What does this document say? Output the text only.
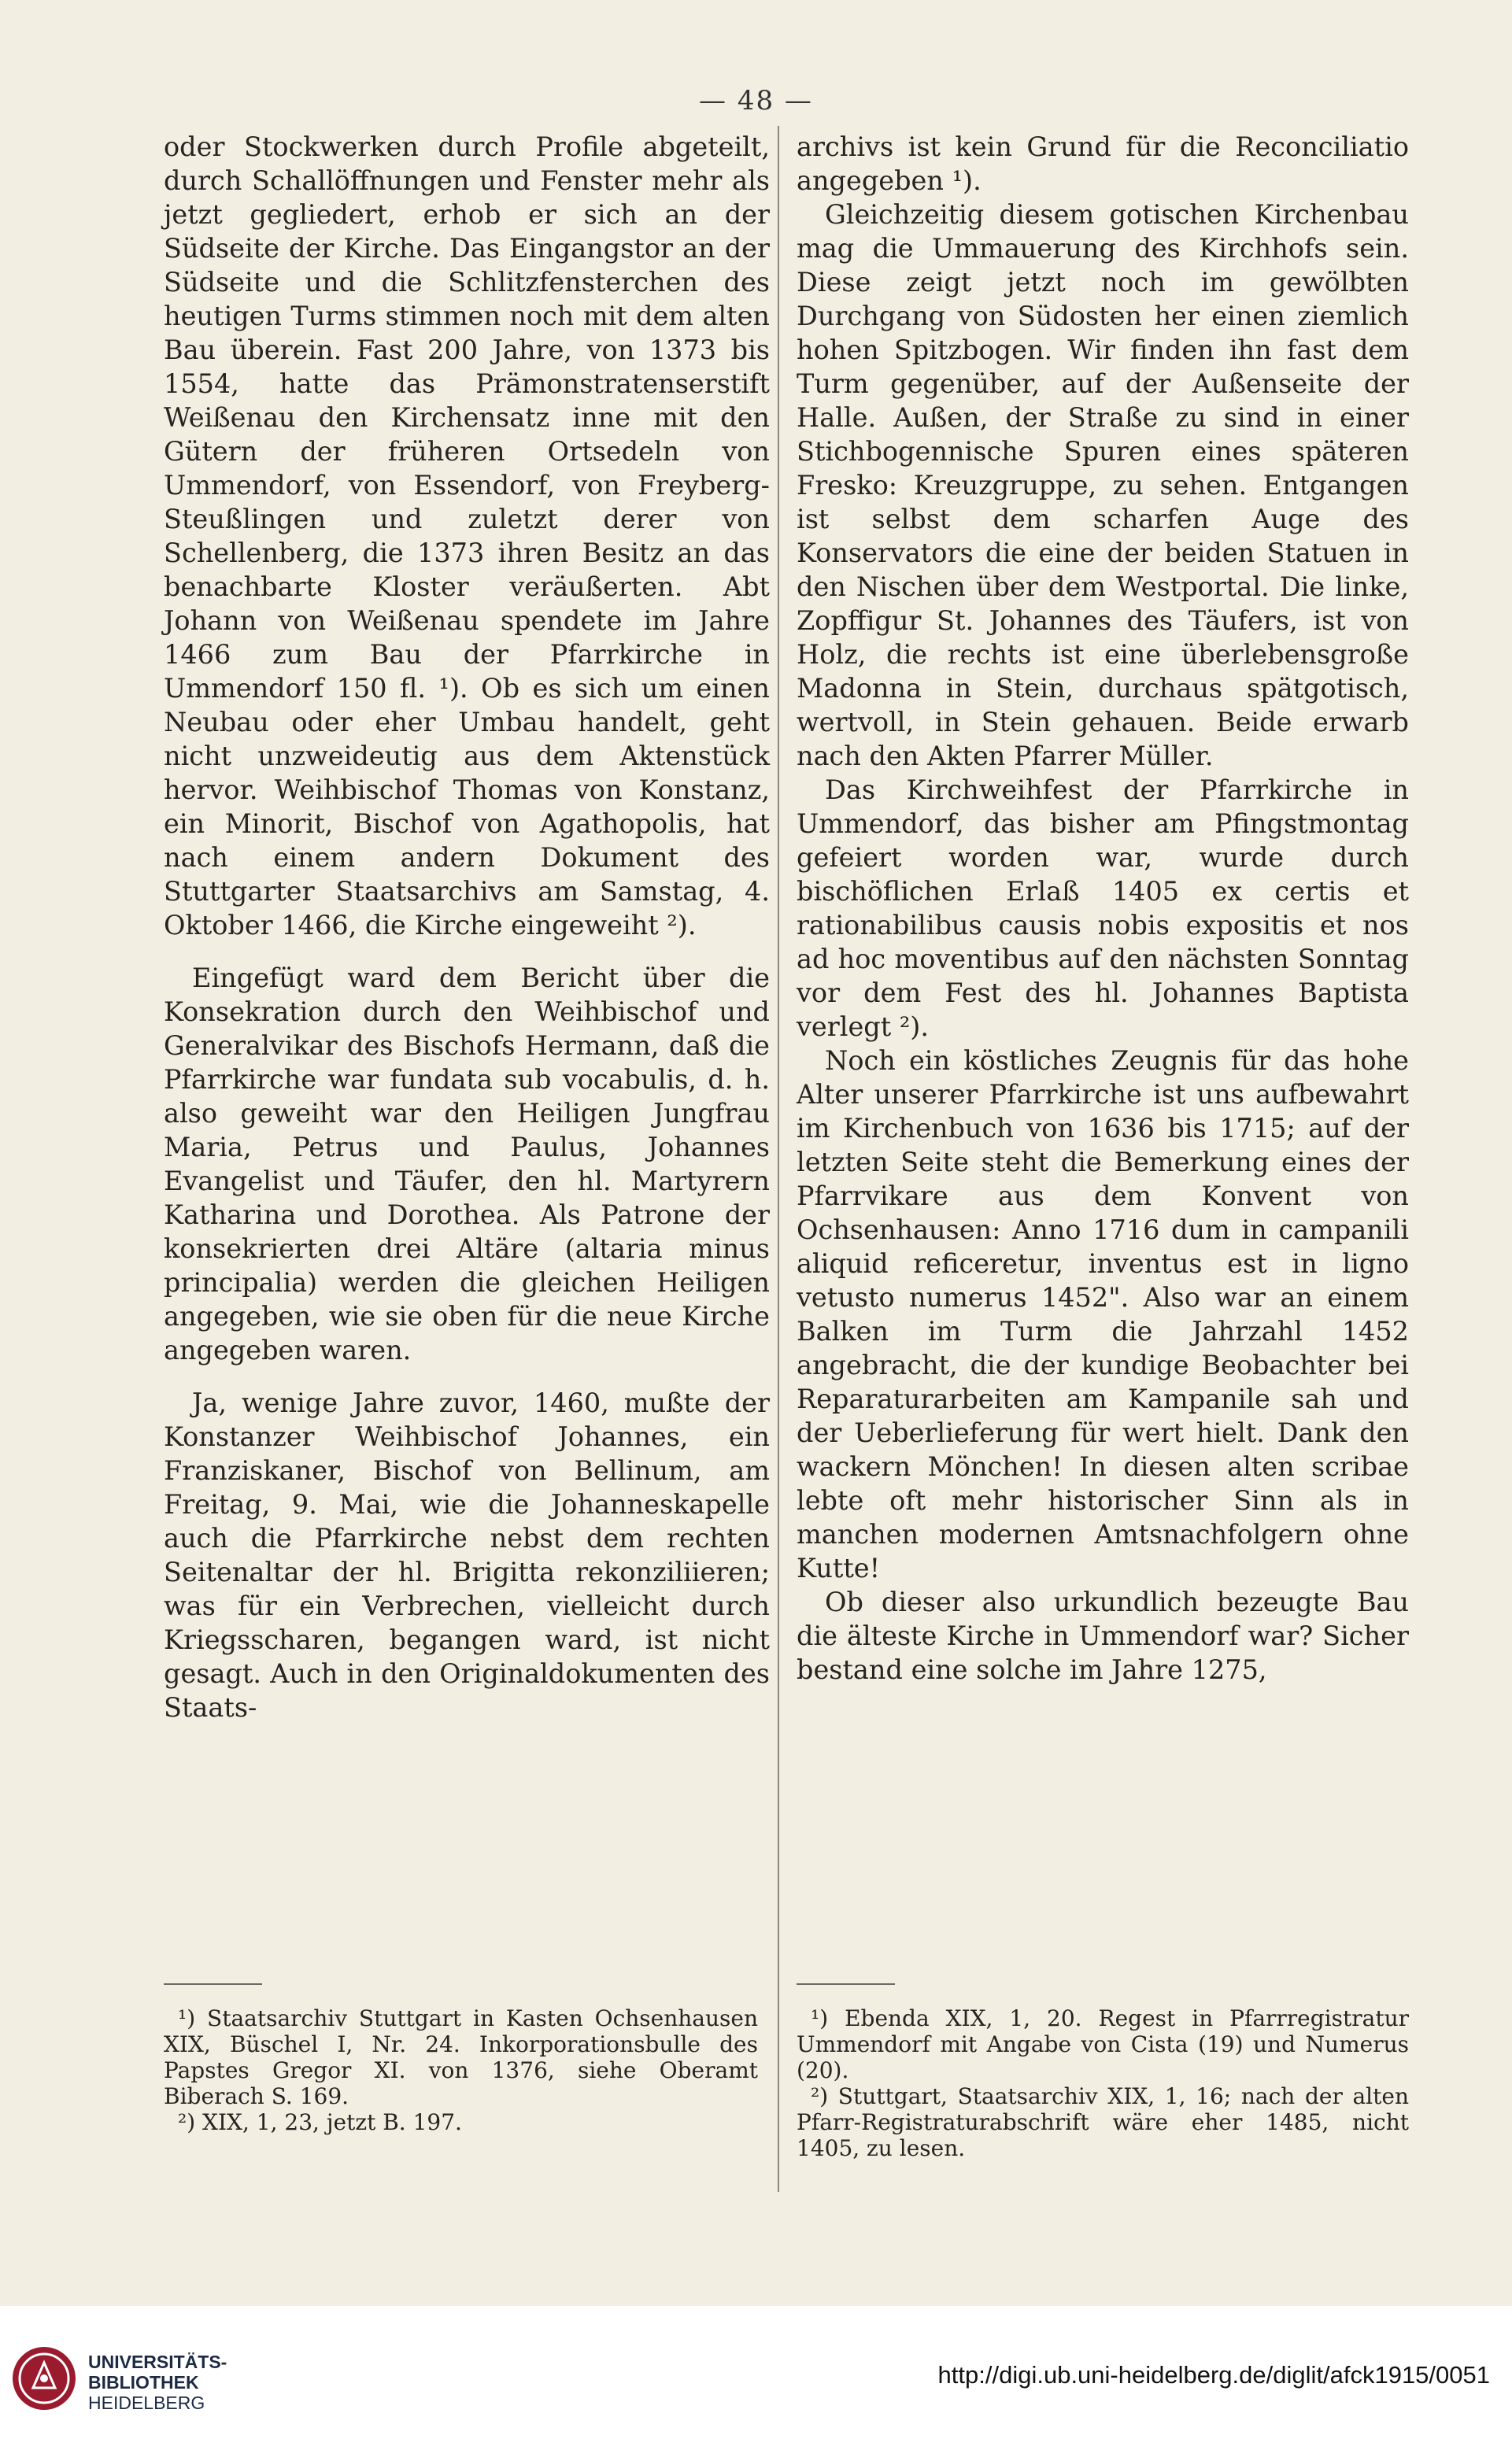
— 48 —

oder Stockwerken durch Profile abgeteilt, durch Schallöffnungen und Fenster mehr als jetzt gegliedert, erhob er sich an der Südseite der Kirche. Das Eingangstor an der Südseite und die Schlitzfensterchen des heutigen Turms stimmen noch mit dem alten Bau überein. Fast 200 Jahre, von 1373 bis 1554, hatte das Prämonstratenserstift Weißenau den Kirchensatz inne mit den Gütern der früheren Ortsedeln von Ummendorf, von Essendorf, von Freyberg-Steußlingen und zuletzt derer von Schellenberg, die 1373 ihren Besitz an das benachbarte Kloster veräußerten. Abt Johann von Weißenau spendete im Jahre 1466 zum Bau der Pfarrkirche in Ummendorf 150 fl. ¹). Ob es sich um einen Neubau oder eher Umbau handelt, geht nicht unzweideutig aus dem Aktenstück hervor. Weihbischof Thomas von Konstanz, ein Minorit, Bischof von Agathopolis, hat nach einem andern Dokument des Stuttgarter Staatsarchivs am Samstag, 4. Oktober 1466, die Kirche eingeweiht ²).

Eingefügt ward dem Bericht über die Konsekration durch den Weihbischof und Generalvikar des Bischofs Hermann, daß die Pfarrkirche war fundata sub vocabulis, d. h. also geweiht war den Heiligen Jungfrau Maria, Petrus und Paulus, Johannes Evangelist und Täufer, den hl. Martyrern Katharina und Dorothea. Als Patrone der konsekrierten drei Altäre (altaria minus principalia) werden die gleichen Heiligen angegeben, wie sie oben für die neue Kirche angegeben waren.

Ja, wenige Jahre zuvor, 1460, mußte der Konstanzer Weihbischof Johannes, ein Franziskaner, Bischof von Bellinum, am Freitag, 9. Mai, wie die Johanneskapelle auch die Pfarrkirche nebst dem rechten Seitenaltar der hl. Brigitta rekonziliieren; was für ein Verbrechen, vielleicht durch Kriegsscharen, begangen ward, ist nicht gesagt. Auch in den Originaldokumenten des Staats-

archivs ist kein Grund für die Reconciliatio angegeben ¹).

Gleichzeitig diesem gotischen Kirchenbau mag die Ummauerung des Kirchhofs sein. Diese zeigt jetzt noch im gewölbten Durchgang von Südosten her einen ziemlich hohen Spitzbogen. Wir finden ihn fast dem Turm gegenüber, auf der Außenseite der Halle. Außen, der Straße zu sind in einer Stichbogennische Spuren eines späteren Fresko: Kreuzgruppe, zu sehen. Entgangen ist selbst dem scharfen Auge des Konservators die eine der beiden Statuen in den Nischen über dem Westportal. Die linke, Zopffigur St. Johannes des Täufers, ist von Holz, die rechts ist eine überlebensgroße Madonna in Stein, durchaus spätgotisch, wertvoll, in Stein gehauen. Beide erwarb nach den Akten Pfarrer Müller.

Das Kirchweihfest der Pfarrkirche in Ummendorf, das bisher am Pfingstmontag gefeiert worden war, wurde durch bischöflichen Erlaß 1405 ex certis et rationabilibus causis nobis expositis et nos ad hoc moventibus auf den nächsten Sonntag vor dem Fest des hl. Johannes Baptista verlegt ²).

Noch ein köstliches Zeugnis für das hohe Alter unserer Pfarrkirche ist uns aufbewahrt im Kirchenbuch von 1636 bis 1715; auf der letzten Seite steht die Bemerkung eines der Pfarrvikare aus dem Konvent von Ochsenhausen: Anno 1716 dum in campanili aliquid reficeretur, inventus est in ligno vetusto numerus 1452". Also war an einem Balken im Turm die Jahrzahl 1452 angebracht, die der kundige Beobachter bei Reparaturarbeiten am Kampanile sah und der Ueberlieferung für wert hielt. Dank den wackern Mönchen! In diesen alten scribae lebte oft mehr historischer Sinn als in manchen modernen Amtsnachfolgern ohne Kutte!

Ob dieser also urkundlich bezeugte Bau die älteste Kirche in Ummendorf war? Sicher bestand eine solche im Jahre 1275,

¹) Staatsarchiv Stuttgart in Kasten Ochsenhausen XIX, Büschel I, Nr. 24. Inkorporationsbulle des Papstes Gregor XI. von 1376, siehe Oberamt Biberach S. 169.

²) XIX, 1, 23, jetzt B. 197.

¹) Ebenda XIX, 1, 20. Regest in Pfarrregistratur Ummendorf mit Angabe von Cista (19) und Numerus (20).

²) Stuttgart, Staatsarchiv XIX, 1, 16; nach der alten Pfarr-Registraturabschrift wäre eher 1485, nicht 1405, zu lesen.

UNIVERSITÄTS-
BIBLIOTHEK
HEIDELBERG
http://digi.ub.uni-heidelberg.de/diglit/afck1915/0051
